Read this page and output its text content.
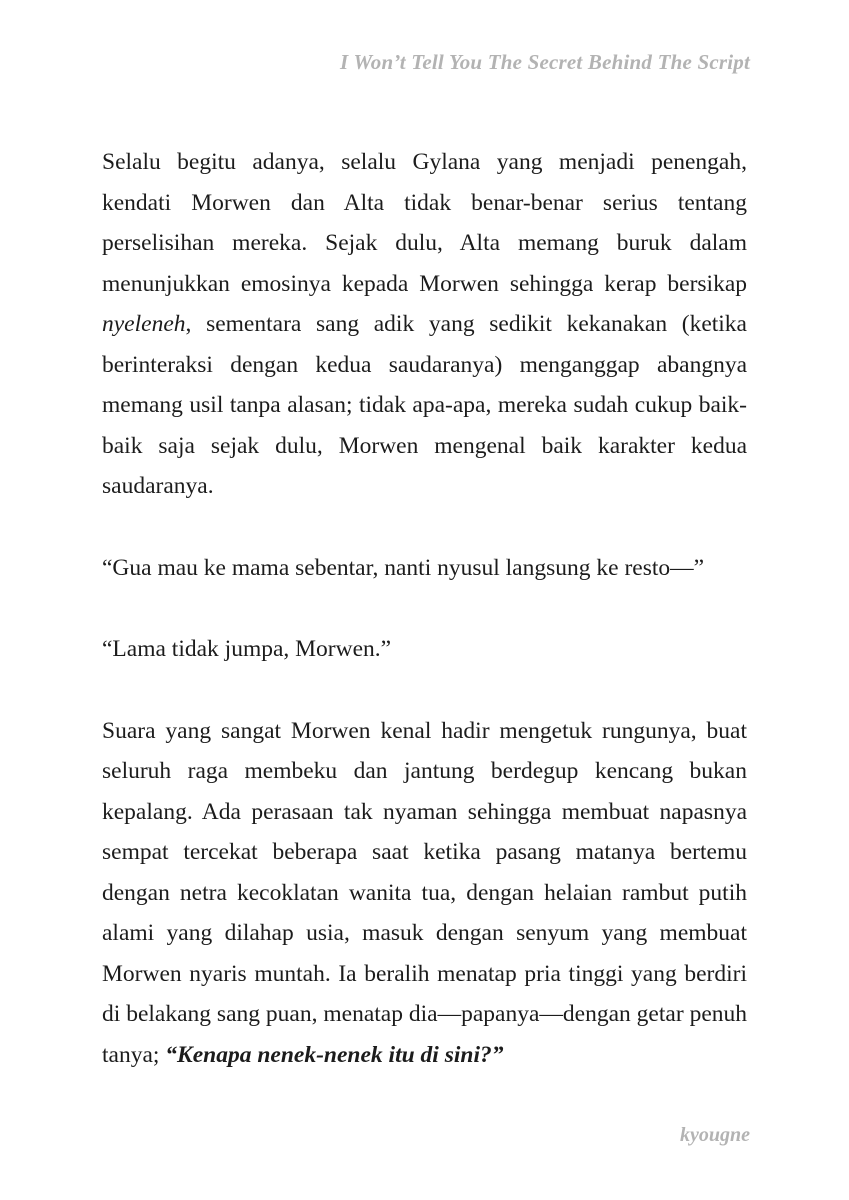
I Won’t Tell You The Secret Behind The Script

Selalu begitu adanya, selalu Gylana yang menjadi penengah, kendati Morwen dan Alta tidak benar-benar serius tentang perselisihan mereka. Sejak dulu, Alta memang buruk dalam menunjukkan emosinya kepada Morwen sehingga kerap bersikap nyeleneh, sementara sang adik yang sedikit kekanakan (ketika berinteraksi dengan kedua saudaranya) menganggap abangnya memang usil tanpa alasan; tidak apa-apa, mereka sudah cukup baik-baik saja sejak dulu, Morwen mengenal baik karakter kedua saudaranya.

“Gua mau ke mama sebentar, nanti nyusul langsung ke resto—”

“Lama tidak jumpa, Morwen.”

Suara yang sangat Morwen kenal hadir mengetuk rungunya, buat seluruh raga membeku dan jantung berdegup kencang bukan kepalang. Ada perasaan tak nyaman sehingga membuat napasnya sempat tercekat beberapa saat ketika pasang matanya bertemu dengan netra kecoklatan wanita tua, dengan helaian rambut putih alami yang dilahap usia, masuk dengan senyum yang membuat Morwen nyaris muntah. Ia beralih menatap pria tinggi yang berdiri di belakang sang puan, menatap dia—papanya—dengan getar penuh tanya; “Kenapa nenek-nenek itu di sini?”

kyougne
